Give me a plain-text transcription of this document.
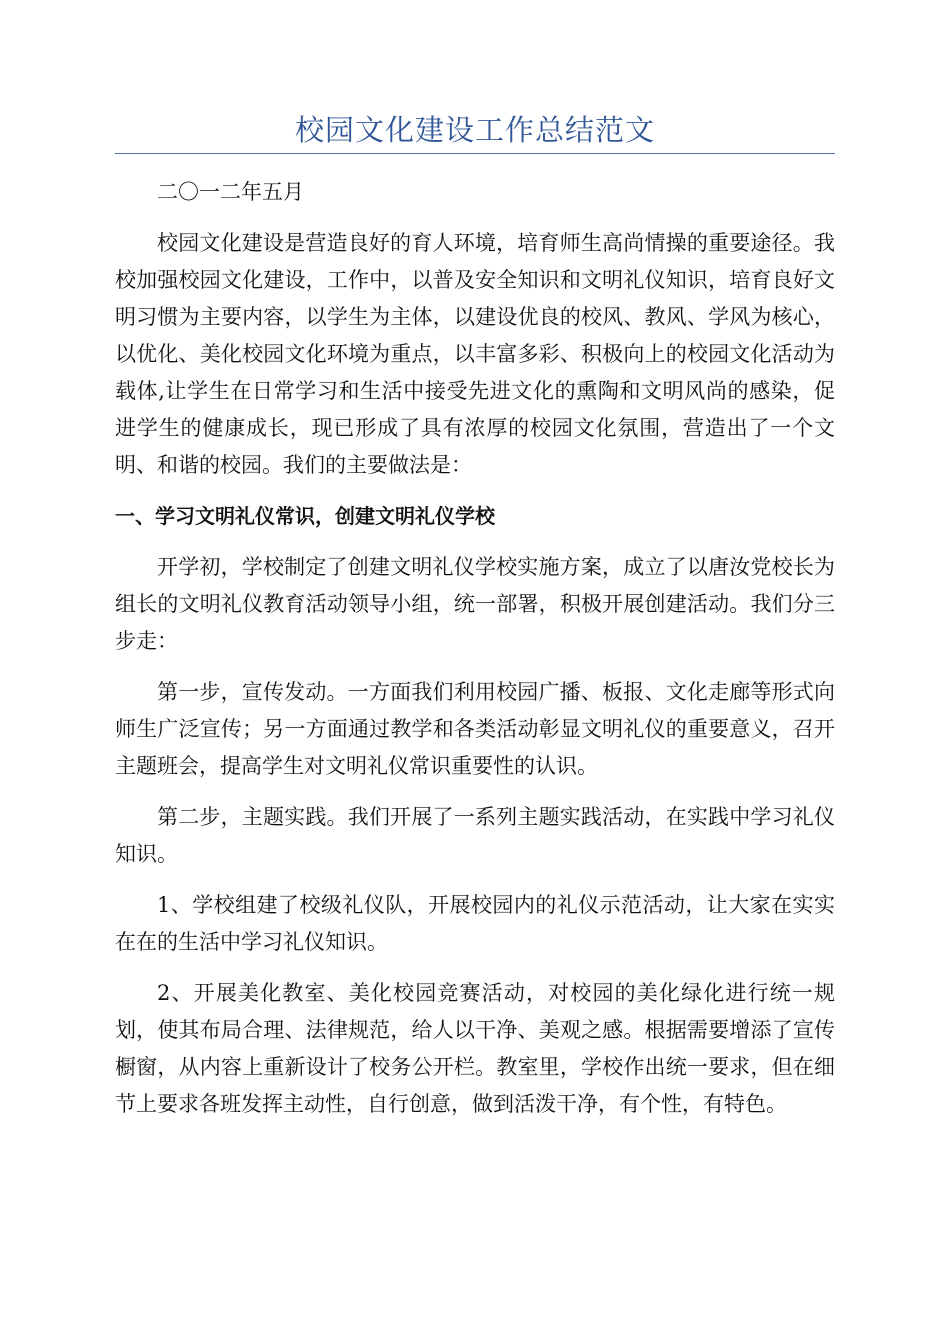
校园文化建设工作总结范文

二〇一二年五月

校园文化建设是营造良好的育人环境，培育师生高尚情操的重要途径。我校加强校园文化建设，工作中，以普及安全知识和文明礼仪知识，培育良好文明习惯为主要内容，以学生为主体，以建设优良的校风、教风、学风为核心，以优化、美化校园文化环境为重点，以丰富多彩、积极向上的校园文化活动为载体,让学生在日常学习和生活中接受先进文化的熏陶和文明风尚的感染，促进学生的健康成长，现已形成了具有浓厚的校园文化氛围，营造出了一个文明、和谐的校园。我们的主要做法是：

一、学习文明礼仪常识，创建文明礼仪学校

开学初，学校制定了创建文明礼仪学校实施方案，成立了以唐汝党校长为组长的文明礼仪教育活动领导小组，统一部署，积极开展创建活动。我们分三步走：

第一步，宣传发动。一方面我们利用校园广播、板报、文化走廊等形式向师生广泛宣传；另一方面通过教学和各类活动彰显文明礼仪的重要意义，召开主题班会，提高学生对文明礼仪常识重要性的认识。

第二步，主题实践。我们开展了一系列主题实践活动，在实践中学习礼仪知识。

1、学校组建了校级礼仪队，开展校园内的礼仪示范活动，让大家在实实在在的生活中学习礼仪知识。

2、开展美化教室、美化校园竞赛活动，对校园的美化绿化进行统一规划，使其布局合理、法律规范，给人以干净、美观之感。根据需要增添了宣传橱窗，从内容上重新设计了校务公开栏。教室里，学校作出统一要求，但在细节上要求各班发挥主动性，自行创意，做到活泼干净，有个性，有特色。
